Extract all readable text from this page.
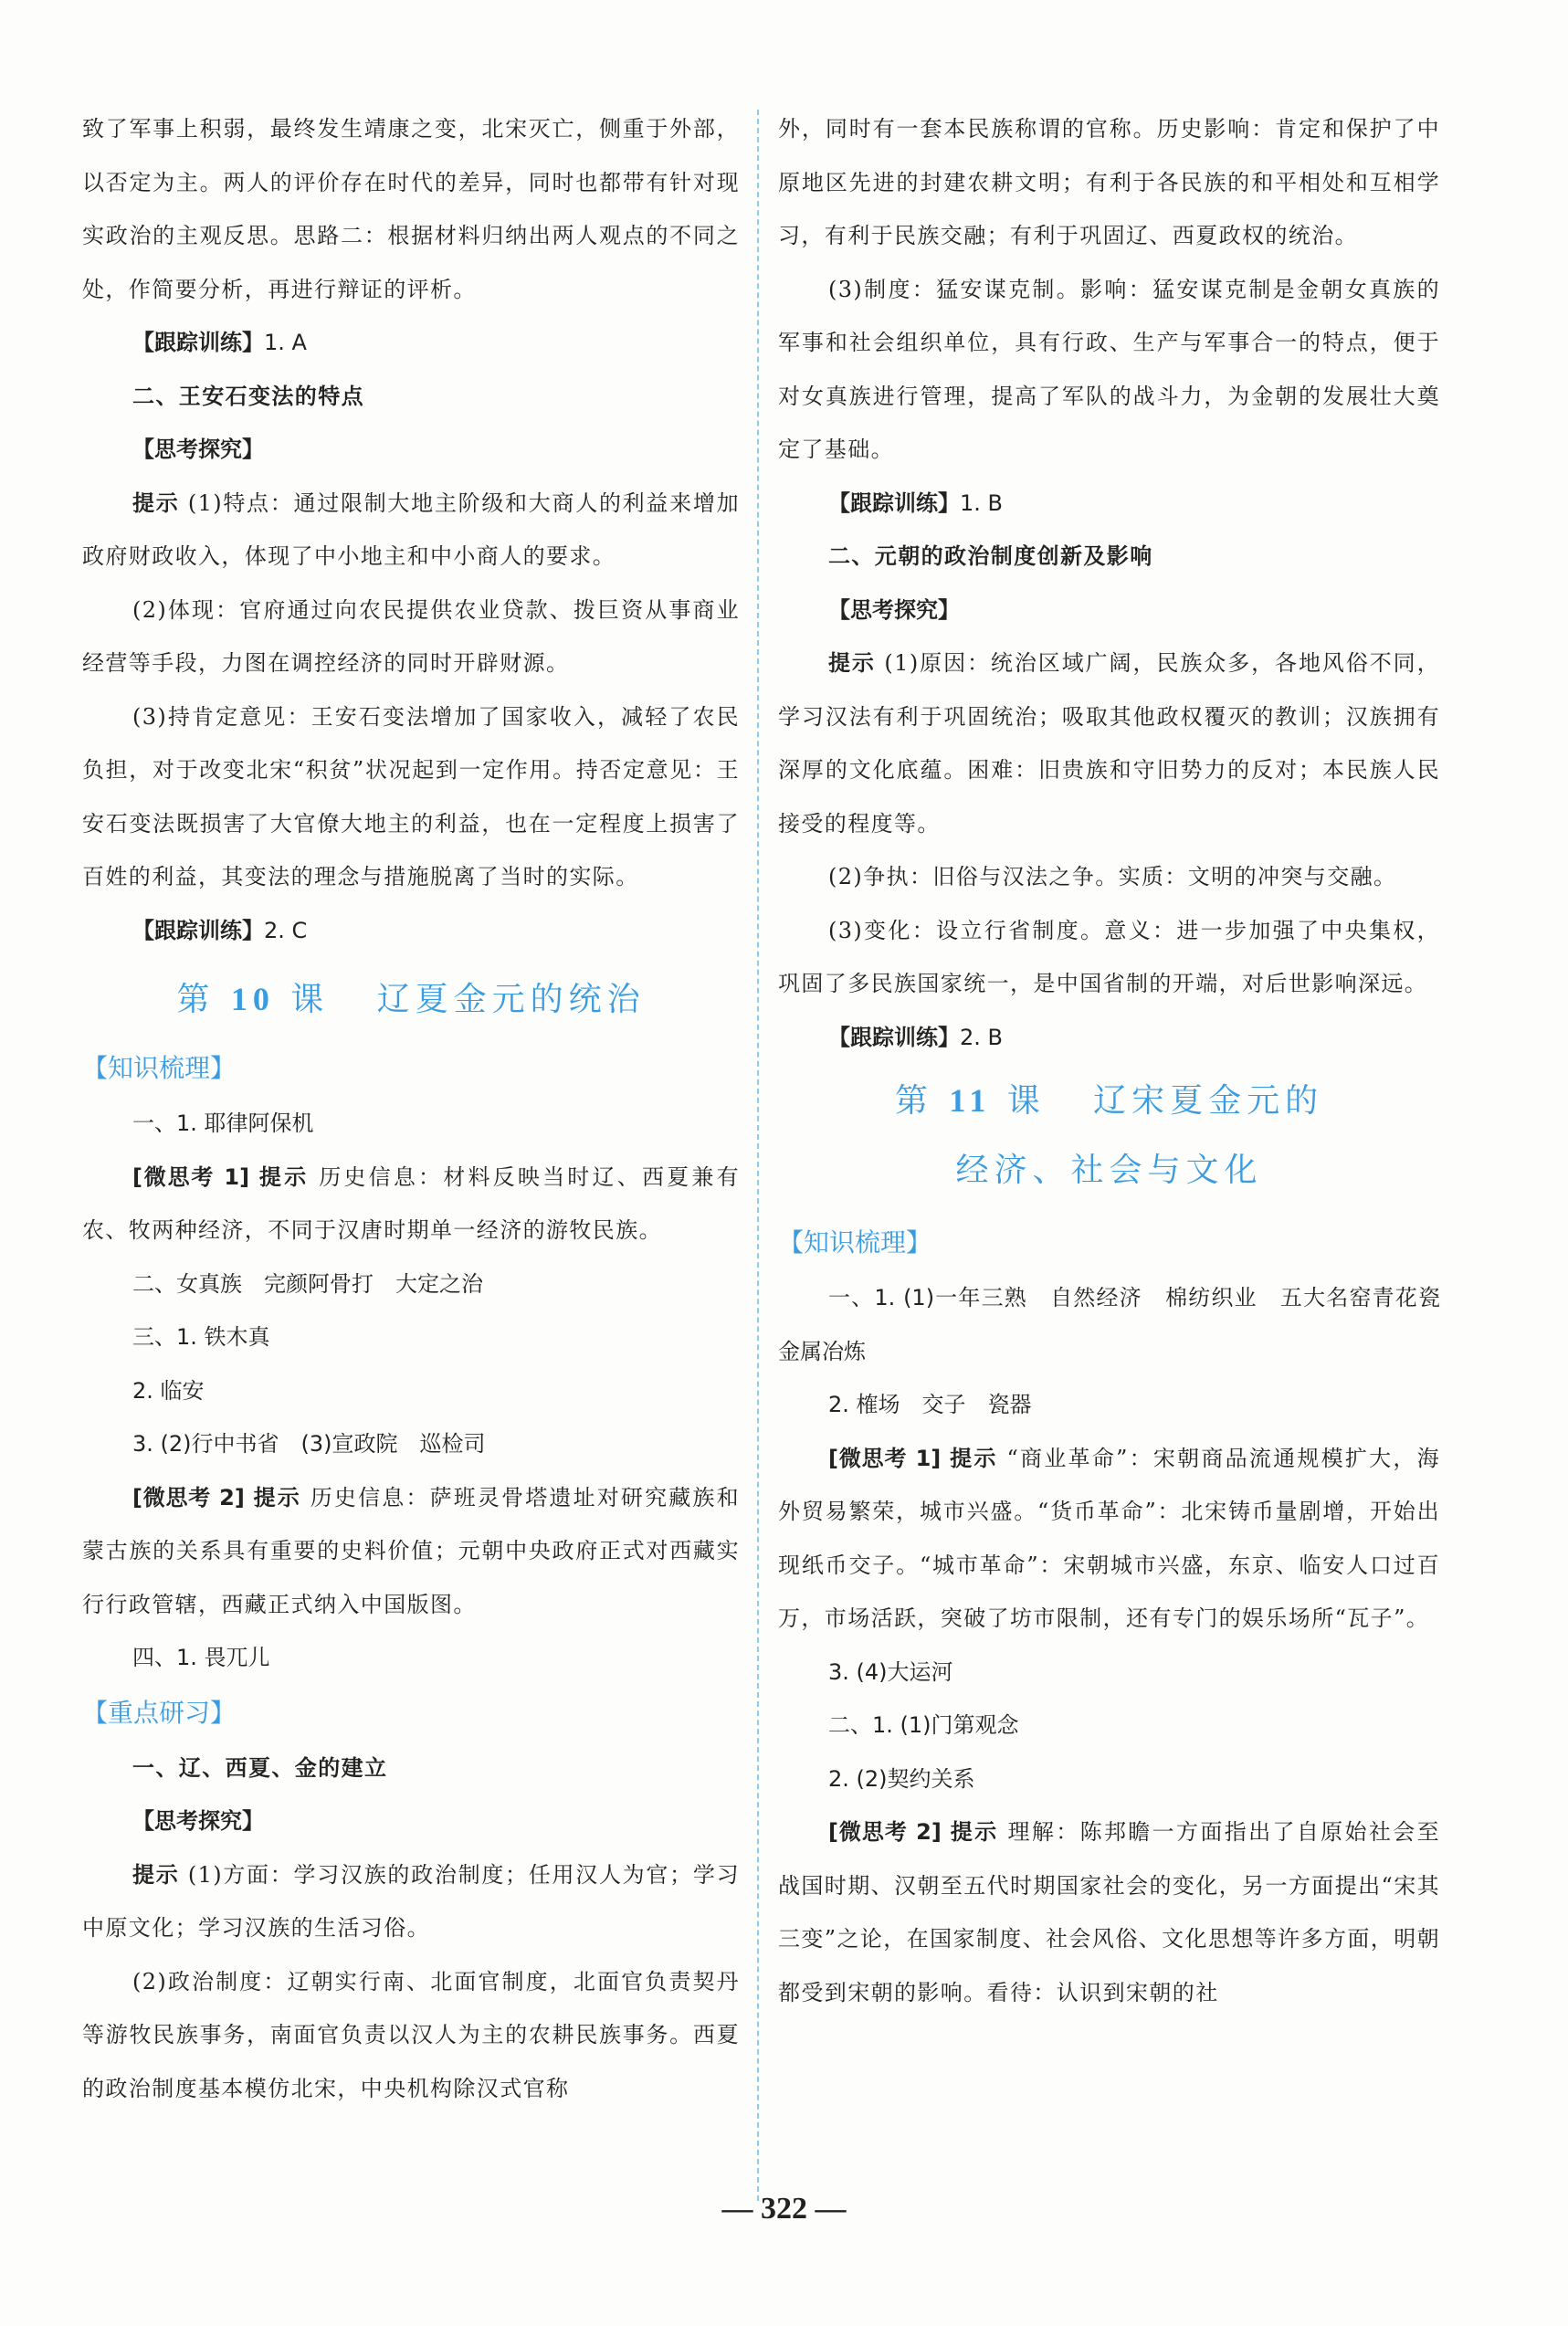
致了军事上积弱，最终发生靖康之变，北宋灭亡，侧重于外部，以否定为主。两人的评价存在时代的差异，同时也都带有针对现实政治的主观反思。思路二：根据材料归纳出两人观点的不同之处，作简要分析，再进行辩证的评析。

【跟踪训练】1. A

二、王安石变法的特点

【思考探究】

提示 (1)特点：通过限制大地主阶级和大商人的利益来增加政府财政收入，体现了中小地主和中小商人的要求。

(2)体现：官府通过向农民提供农业贷款、拨巨资从事商业经营等手段，力图在调控经济的同时开辟财源。

(3)持肯定意见：王安石变法增加了国家收入，减轻了农民负担，对于改变北宋“积贫”状况起到一定作用。持否定意见：王安石变法既损害了大官僚大地主的利益，也在一定程度上损害了百姓的利益，其变法的理念与措施脱离了当时的实际。

【跟踪训练】2. C

第 10 课 辽夏金元的统治

【知识梳理】

一、1. 耶律阿保机

[微思考 1] 提示 历史信息：材料反映当时辽、西夏兼有农、牧两种经济，不同于汉唐时期单一经济的游牧民族。

二、女真族　完颜阿骨打　大定之治

三、1. 铁木真

2. 临安

3. (2)行中书省　(3)宣政院　巡检司

[微思考 2] 提示 历史信息：萨班灵骨塔遗址对研究藏族和蒙古族的关系具有重要的史料价值；元朝中央政府正式对西藏实行行政管辖，西藏正式纳入中国版图。

四、1. 畏兀儿

【重点研习】

一、辽、西夏、金的建立

【思考探究】

提示 (1)方面：学习汉族的政治制度；任用汉人为官；学习中原文化；学习汉族的生活习俗。

(2)政治制度：辽朝实行南、北面官制度，北面官负责契丹等游牧民族事务，南面官负责以汉人为主的农耕民族事务。西夏的政治制度基本模仿北宋，中央机构除汉式官称

外，同时有一套本民族称谓的官称。历史影响：肯定和保护了中原地区先进的封建农耕文明；有利于各民族的和平相处和互相学习，有利于民族交融；有利于巩固辽、西夏政权的统治。

(3)制度：猛安谋克制。影响：猛安谋克制是金朝女真族的军事和社会组织单位，具有行政、生产与军事合一的特点，便于对女真族进行管理，提高了军队的战斗力，为金朝的发展壮大奠定了基础。

【跟踪训练】1. B

二、元朝的政治制度创新及影响

【思考探究】

提示 (1)原因：统治区域广阔，民族众多，各地风俗不同，学习汉法有利于巩固统治；吸取其他政权覆灭的教训；汉族拥有深厚的文化底蕴。困难：旧贵族和守旧势力的反对；本民族人民接受的程度等。

(2)争执：旧俗与汉法之争。实质：文明的冲突与交融。

(3)变化：设立行省制度。意义：进一步加强了中央集权，巩固了多民族国家统一，是中国省制的开端，对后世影响深远。

【跟踪训练】2. B

第 11 课 辽宋夏金元的

经济、社会与文化

【知识梳理】

一、1. (1)一年三熟　自然经济　棉纺织业　五大名窑青花瓷　金属冶炼

2. 榷场　交子　瓷器

[微思考 1] 提示 “商业革命”：宋朝商品流通规模扩大，海外贸易繁荣，城市兴盛。“货币革命”：北宋铸币量剧增，开始出现纸币交子。“城市革命”：宋朝城市兴盛，东京、临安人口过百万，市场活跃，突破了坊市限制，还有专门的娱乐场所“瓦子”。

3. (4)大运河

二、1. (1)门第观念

2. (2)契约关系

[微思考 2] 提示 理解：陈邦瞻一方面指出了自原始社会至战国时期、汉朝至五代时期国家社会的变化，另一方面提出“宋其三变”之论，在国家制度、社会风俗、文化思想等许多方面，明朝都受到宋朝的影响。看待：认识到宋朝的社

— 322 —
